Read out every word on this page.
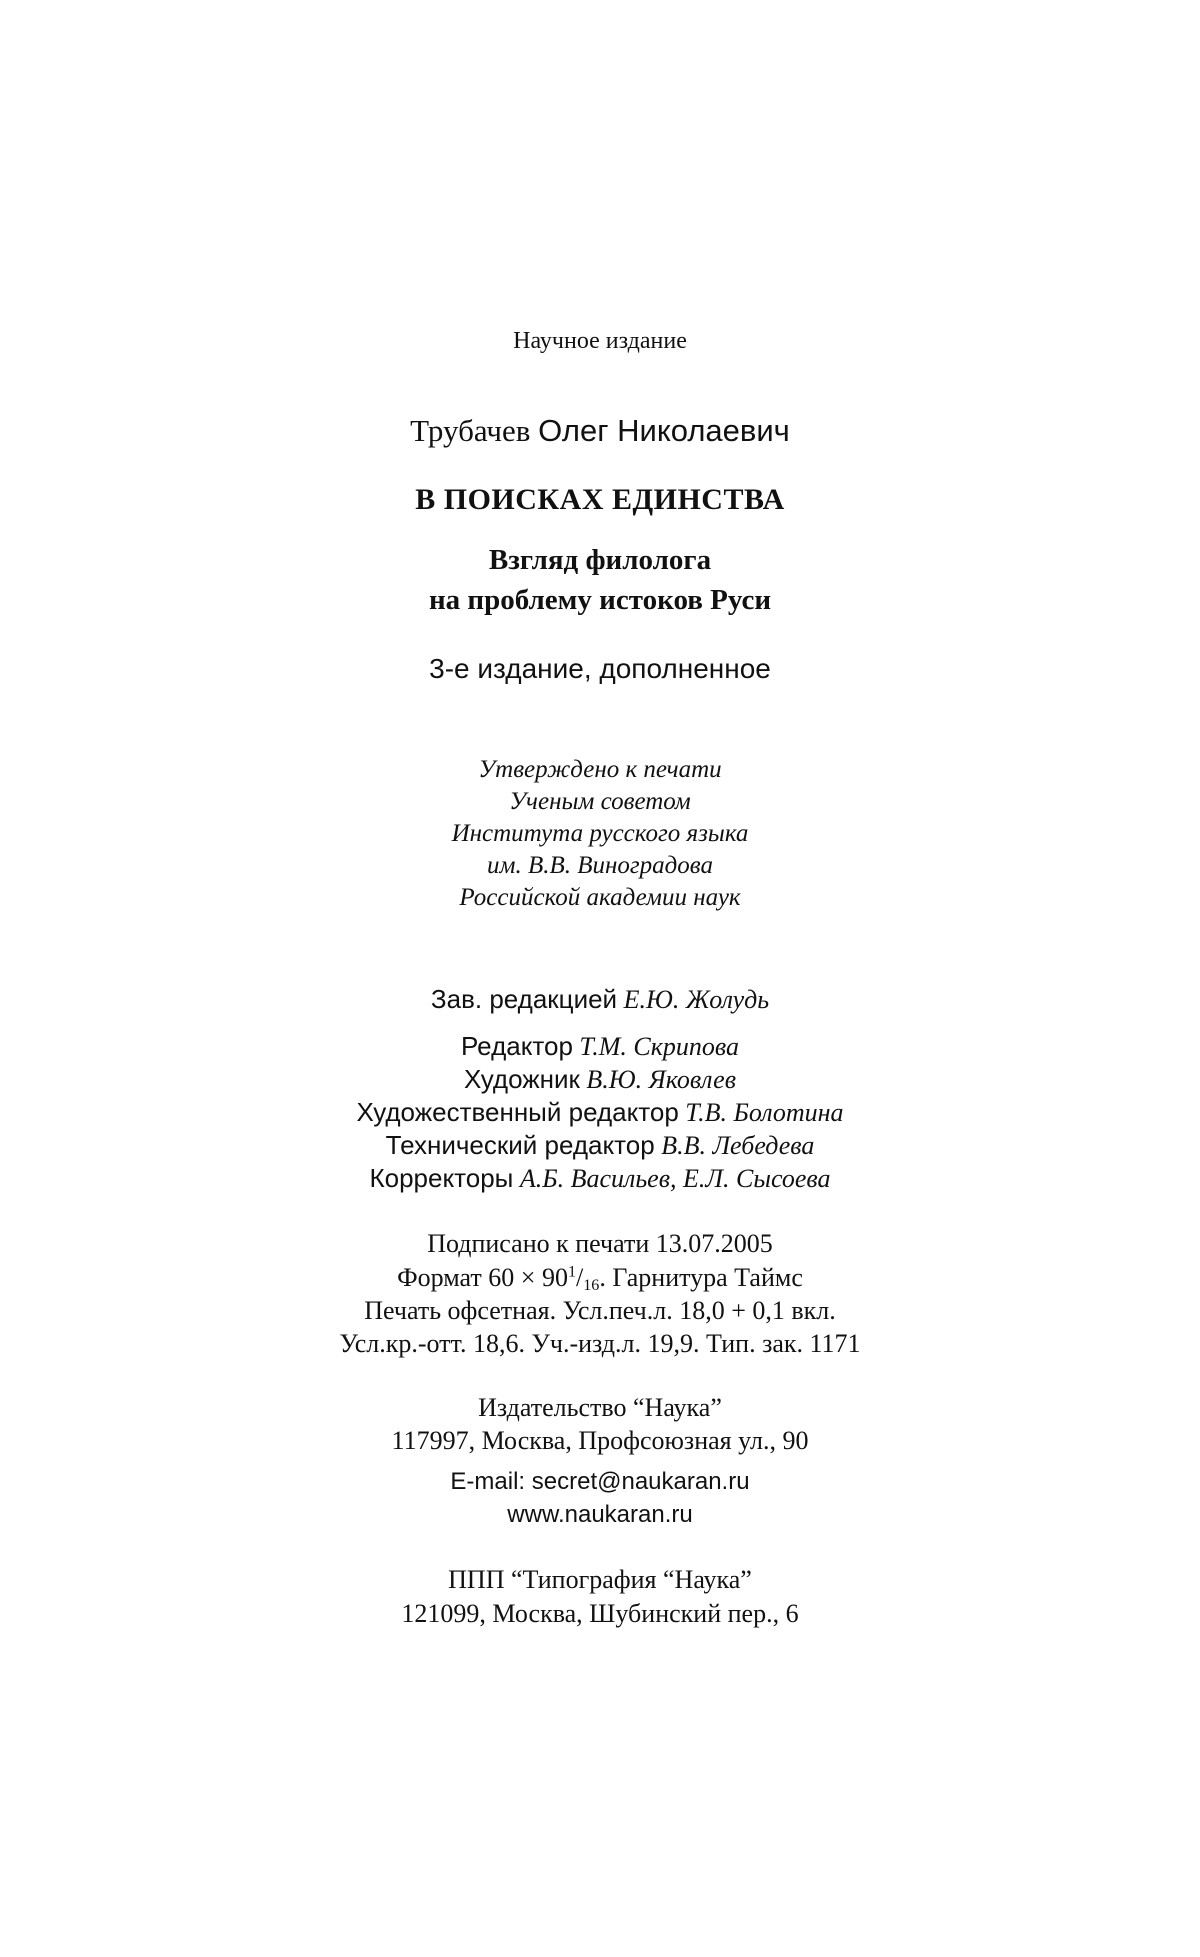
Научное издание
Трубачев Олег Николаевич
В ПОИСКАХ ЕДИНСТВА
Взгляд филолога
на проблему истоков Руси
3-е издание, дополненное
Утверждено к печати
Ученым советом
Института русского языка
им. В.В. Виноградова
Российской академии наук
Зав. редакцией Е.Ю. Жолудь
Редактор Т.М. Скрипова
Художник В.Ю. Яковлев
Художественный редактор Т.В. Болотина
Технический редактор В.В. Лебедева
Корректоры А.Б. Васильев, Е.Л. Сысоева
Подписано к печати 13.07.2005
Формат $60 \times 90^1/_{16}$. Гарнитура Таймс
Печать офсетная. Усл.печ.л. 18,0 + 0,1 вкл.
Усл.кр.-отт. 18,6. Уч.-изд.л. 19,9. Тип. зак. 1171
Издательство “Наука”
117997, Москва, Профсоюзная ул., 90
E-mail: secret@naukaran.ru
www.naukaran.ru
ППП “Типография “Наука”
121099, Москва, Шубинский пер., 6
